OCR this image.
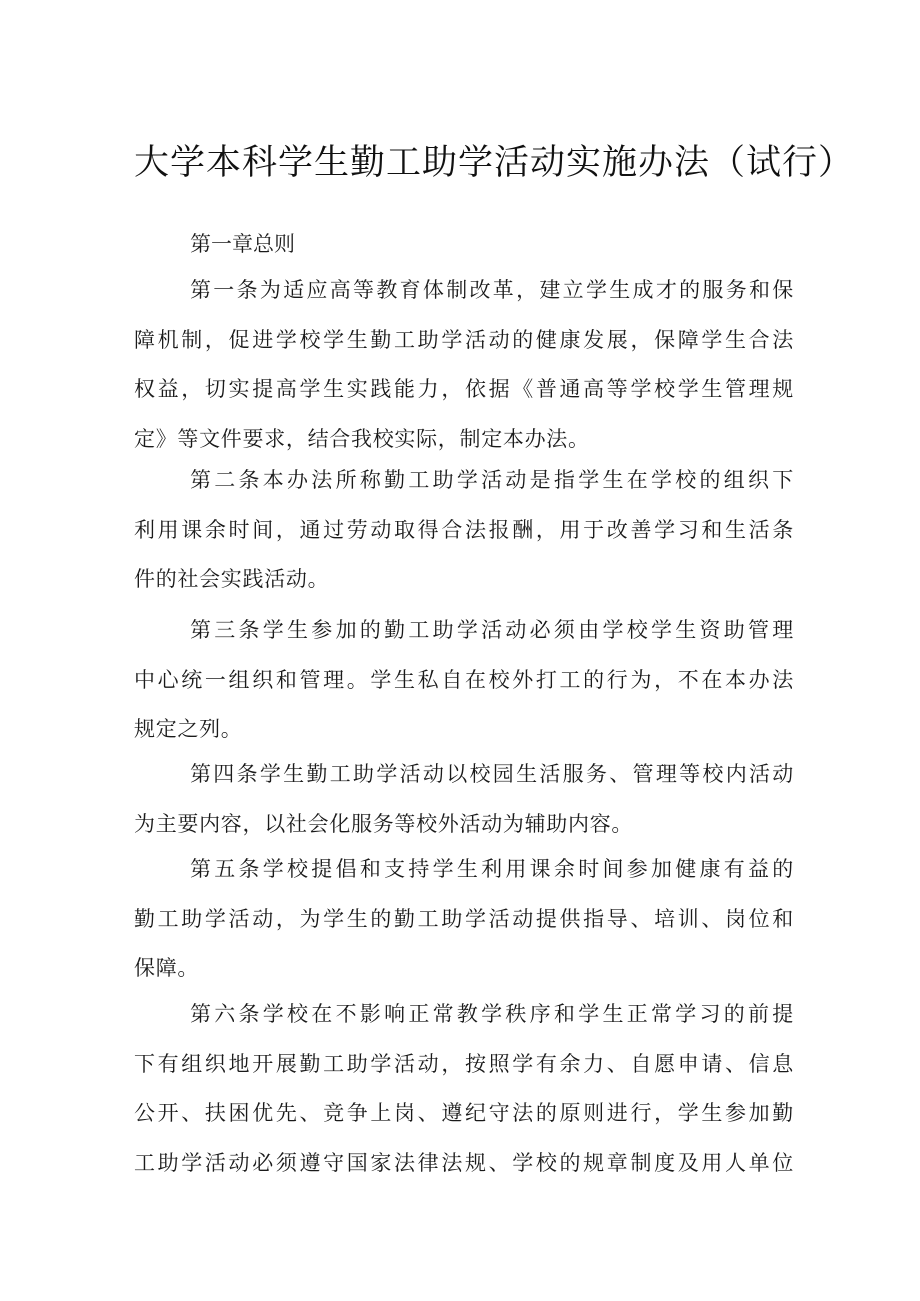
大学本科学生勤工助学活动实施办法（试行）
第一章总则

第一条为适应高等教育体制改革，建立学生成才的服务和保
障机制，促进学校学生勤工助学活动的健康发展，保障学生合法
权益，切实提高学生实践能力，依据《普通高等学校学生管理规
定》等文件要求，结合我校实际，制定本办法。

第二条本办法所称勤工助学活动是指学生在学校的组织下
利用课余时间，通过劳动取得合法报酬，用于改善学习和生活条
件的社会实践活动。

第三条学生参加的勤工助学活动必须由学校学生资助管理
中心统一组织和管理。学生私自在校外打工的行为，不在本办法
规定之列。

第四条学生勤工助学活动以校园生活服务、管理等校内活动
为主要内容，以社会化服务等校外活动为辅助内容。

第五条学校提倡和支持学生利用课余时间参加健康有益的
勤工助学活动，为学生的勤工助学活动提供指导、培训、岗位和
保障。

第六条学校在不影响正常教学秩序和学生正常学习的前提
下有组织地开展勤工助学活动，按照学有余力、自愿申请、信息
公开、扶困优先、竞争上岗、遵纪守法的原则进行，学生参加勤
工助学活动必须遵守国家法律法规、学校的规章制度及用人单位
